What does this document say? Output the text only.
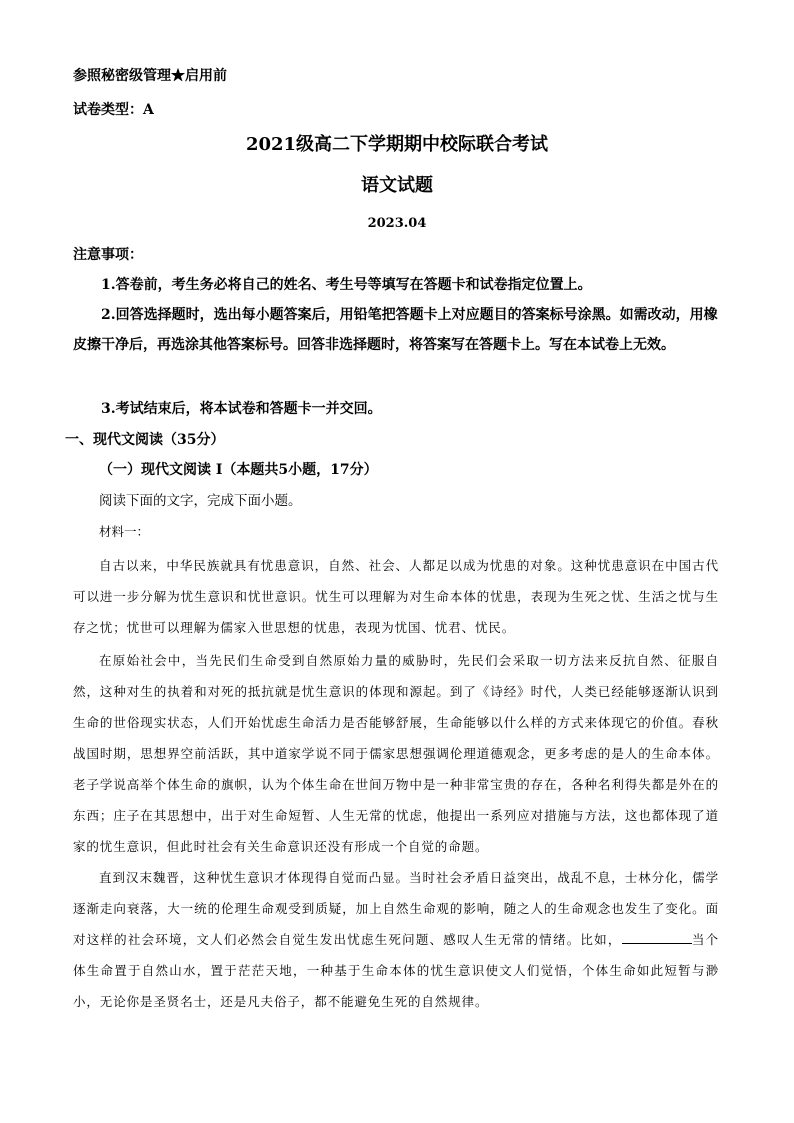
参照秘密级管理★启用前
试卷类型：A
2021级高二下学期期中校际联合考试
语文试题
2023.04
注意事项：
1.答卷前，考生务必将自己的姓名、考生号等填写在答题卡和试卷指定位置上。
2.回答选择题时，选出每小题答案后，用铅笔把答题卡上对应题目的答案标号涂黑。如需改动，用橡皮擦干净后，再选涂其他答案标号。回答非选择题时，将答案写在答题卡上。写在本试卷上无效。
3.考试结束后，将本试卷和答题卡一并交回。
一、现代文阅读（35分）
（一）现代文阅读 I（本题共5小题，17分）
阅读下面的文字，完成下面小题。
材料一：
自古以来，中华民族就具有忧患意识，自然、社会、人都足以成为忧患的对象。这种忧患意识在中国古代可以进一步分解为忧生意识和忧世意识。忧生可以理解为对生命本体的忧患，表现为生死之忧、生活之忧与生存之忧；忧世可以理解为儒家入世思想的忧患，表现为忧国、忧君、忧民。
在原始社会中，当先民们生命受到自然原始力量的威胁时，先民们会采取一切方法来反抗自然、征服自然，这种对生的执着和对死的抵抗就是忧生意识的体现和源起。到了《诗经》时代，人类已经能够逐渐认识到生命的世俗现实状态，人们开始忧虑生命活力是否能够舒展，生命能够以什么样的方式来体现它的价值。春秋战国时期，思想界空前活跃，其中道家学说不同于儒家思想强调伦理道德观念，更多考虑的是人的生命本体。老子学说高举个体生命的旗帜，认为个体生命在世间万物中是一种非常宝贵的存在，各种名利得失都是外在的东西；庄子在其思想中，出于对生命短暂、人生无常的忧虑，他提出一系列应对措施与方法，这也都体现了道家的忧生意识，但此时社会有关生命意识还没有形成一个自觉的命题。
直到汉末魏晋，这种忧生意识才体现得自觉而凸显。当时社会矛盾日益突出，战乱不息，士林分化，儒学逐渐走向衰落，大一统的伦理生命观受到质疑，加上自然生命观的影响，随之人的生命观念也发生了变化。面对这样的社会环境，文人们必然会自觉生发出忧虑生死问题、感叹人生无常的情绪。比如，	当个体生命置于自然山水，置于茫茫天地，一种基于生命本体的忧生意识使文人们觉悟，个体生命如此短暂与渺小，无论你是圣贤名士，还是凡夫俗子，都不能避免生死的自然规律。
